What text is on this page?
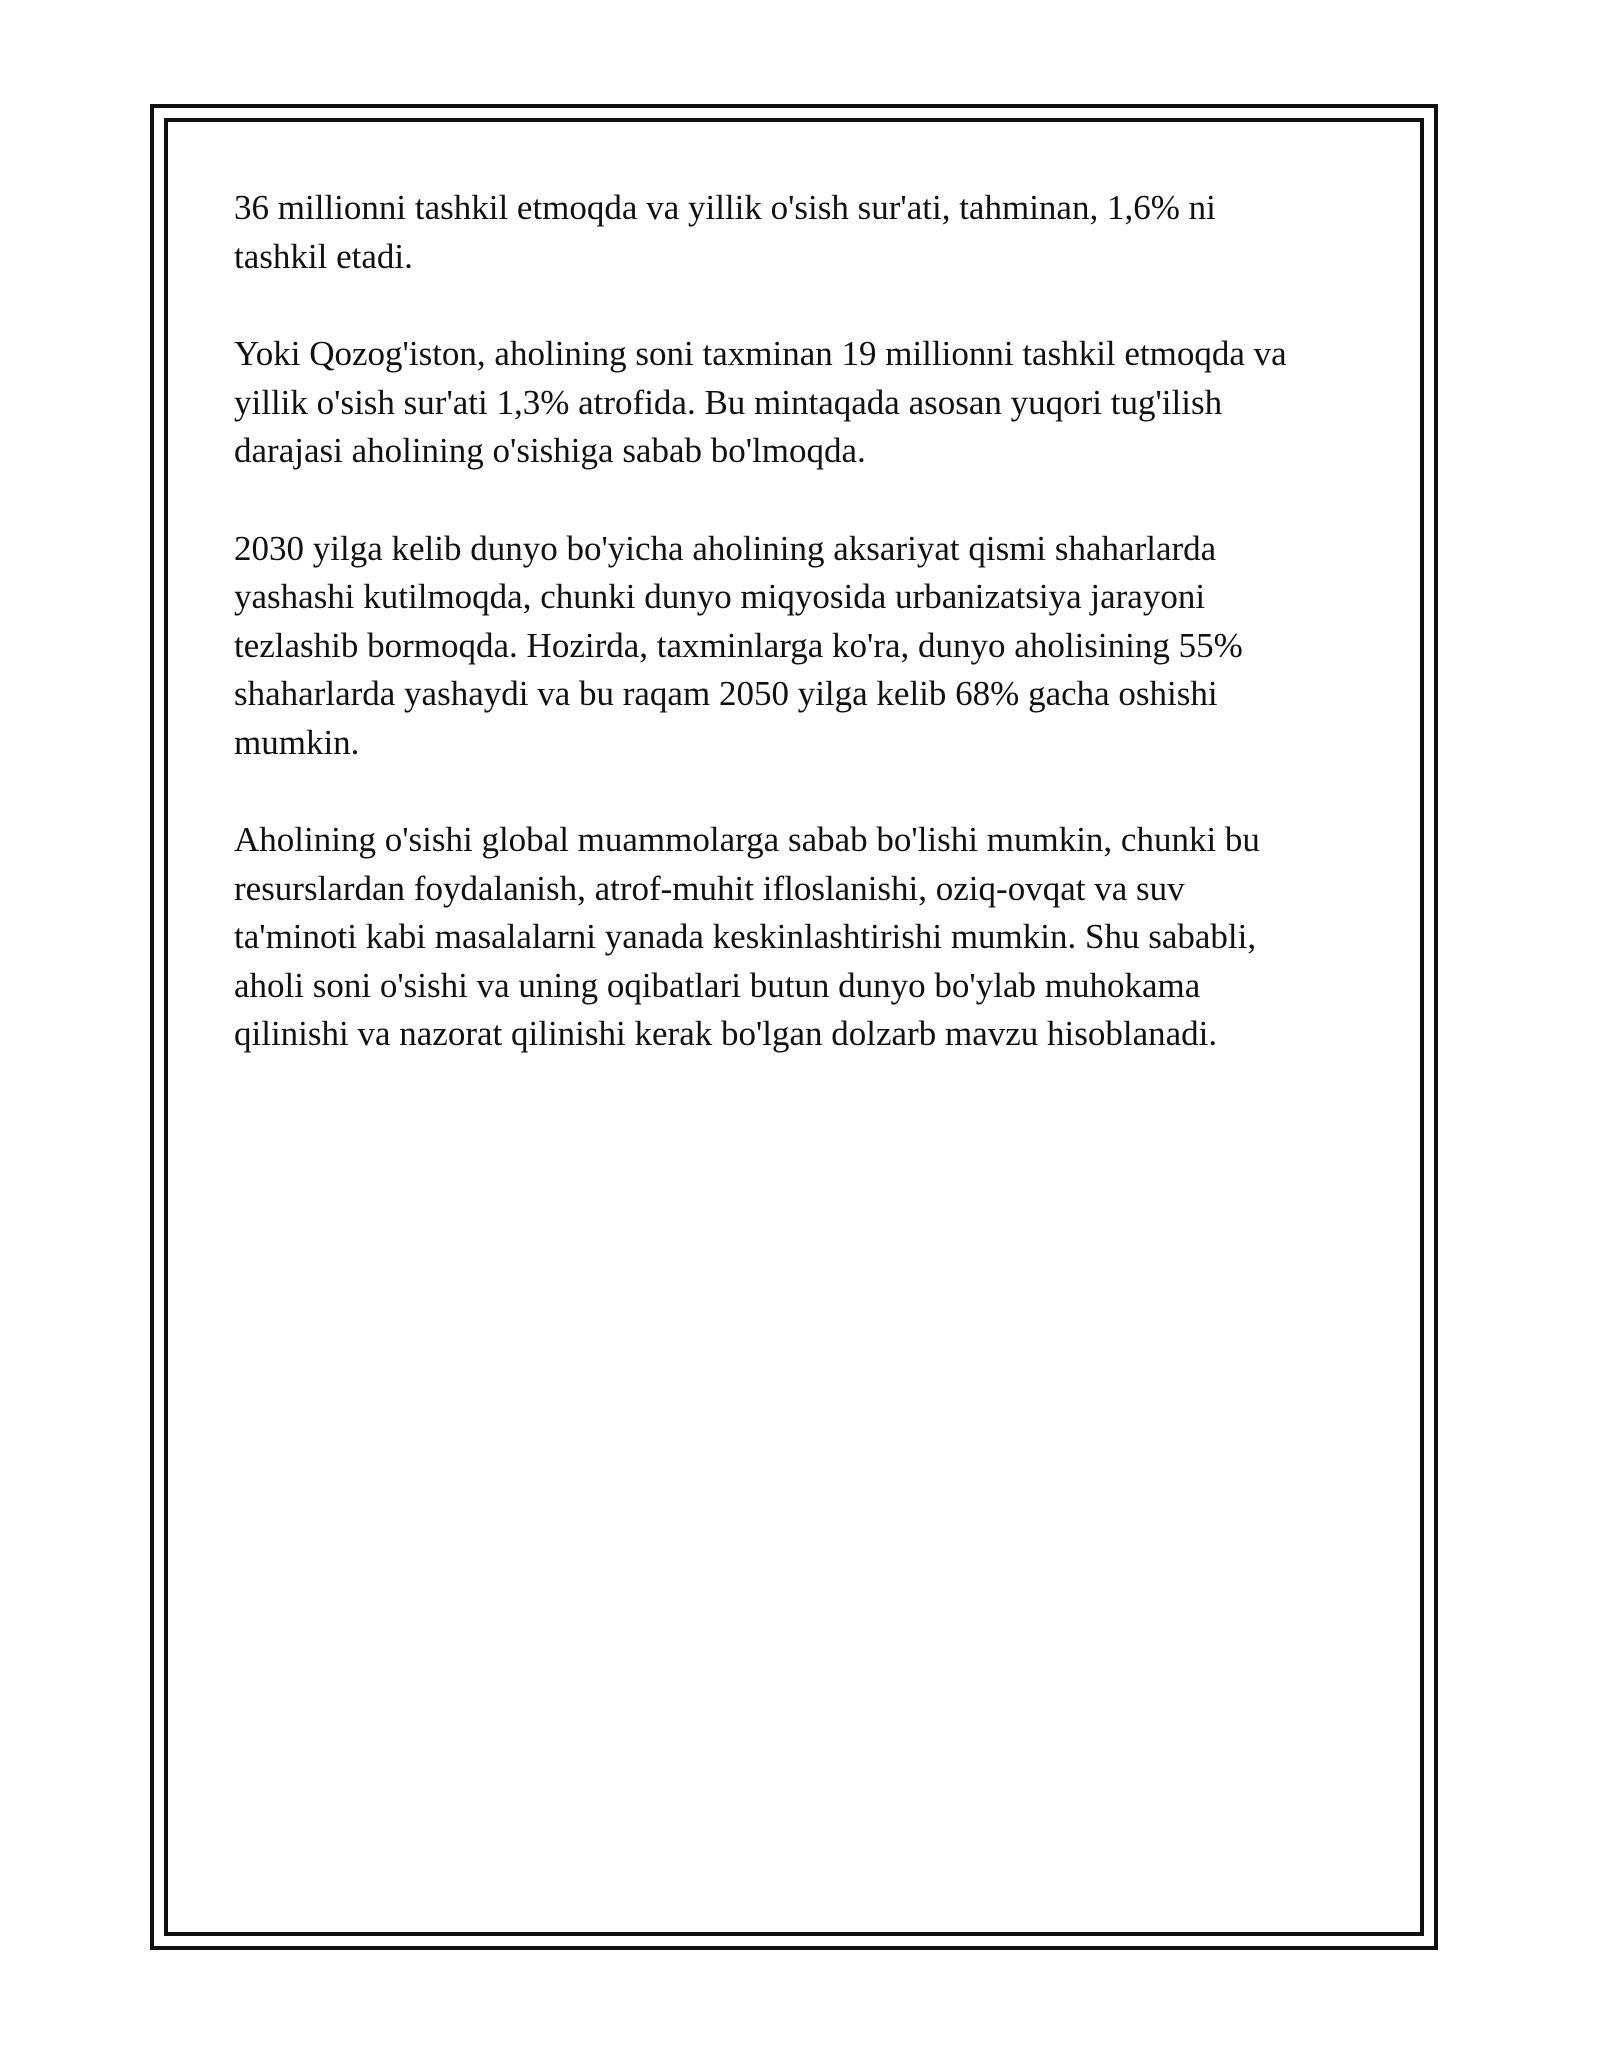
36 millionni tashkil etmoqda va yillik o'sish sur'ati, tahminan, 1,6% ni
tashkil etadi.

Yoki Qozog'iston, aholining soni taxminan 19 millionni tashkil etmoqda va
yillik o'sish sur'ati 1,3% atrofida. Bu mintaqada asosan yuqori tug'ilish
darajasi aholining o'sishiga sabab bo'lmoqda.

2030 yilga kelib dunyo bo'yicha aholining aksariyat qismi shaharlarda
yashashi kutilmoqda, chunki dunyo miqyosida urbanizatsiya jarayoni
tezlashib bormoqda. Hozirda, taxminlarga ko'ra, dunyo aholisining 55%
shaharlarda yashaydi va bu raqam 2050 yilga kelib 68% gacha oshishi
mumkin.

Aholining o'sishi global muammolarga sabab bo'lishi mumkin, chunki bu
resurslardan foydalanish, atrof-muhit ifloslanishi, oziq-ovqat va suv
ta'minoti kabi masalalarni yanada keskinlashtirishi mumkin. Shu sababli,
aholi soni o'sishi va uning oqibatlari butun dunyo bo'ylab muhokama
qilinishi va nazorat qilinishi kerak bo'lgan dolzarb mavzu hisoblanadi.
